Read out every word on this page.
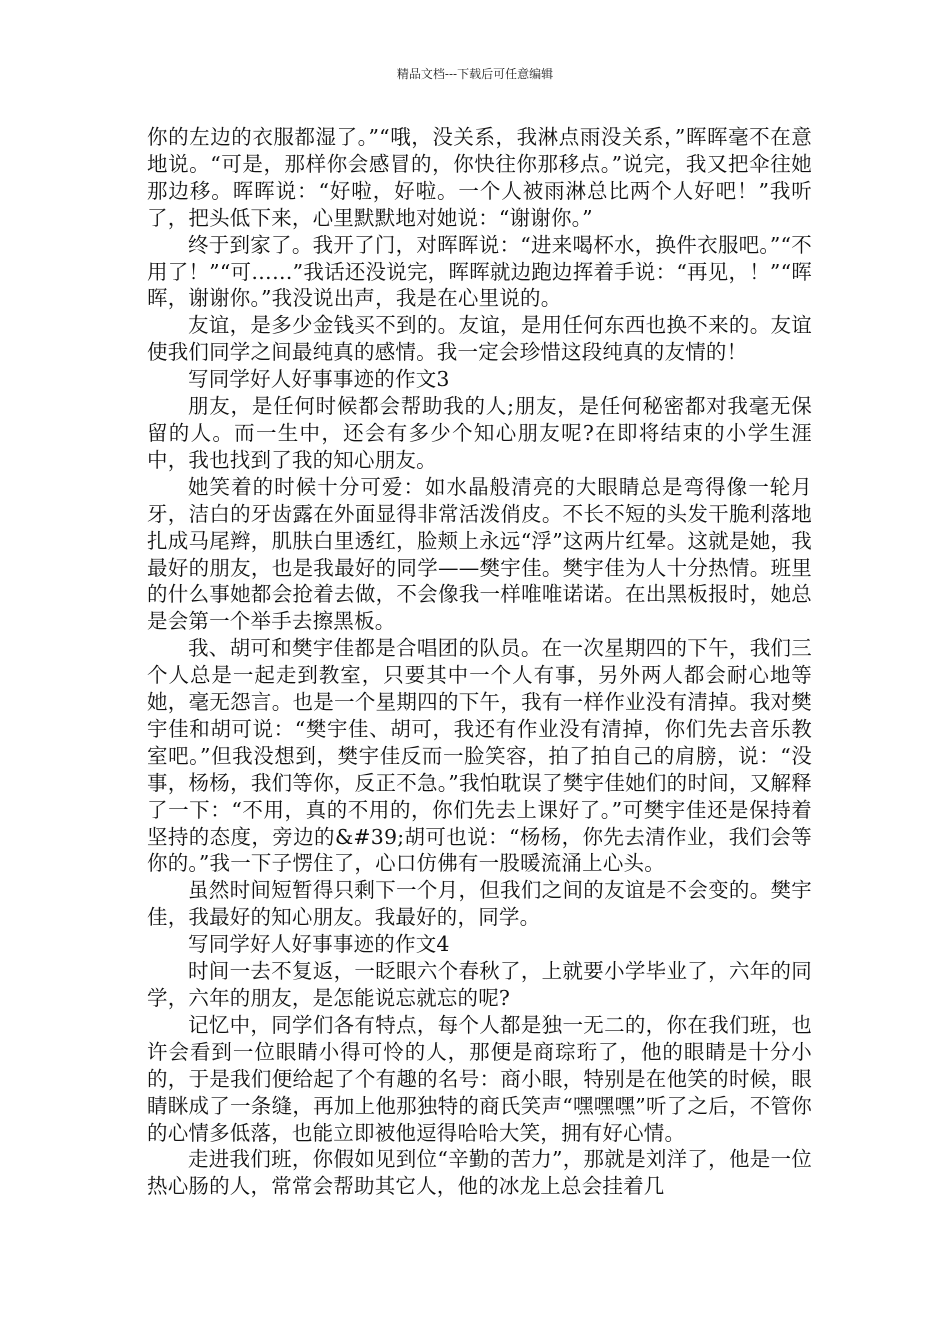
精品文档---下载后可任意编辑

你的左边的衣服都湿了。”“哦，没关系，我淋点雨没关系，”晖晖毫不在意地说。“可是，那样你会感冒的，你快往你那移点。”说完，我又把伞往她那边移。晖晖说：“好啦，好啦。一个人被雨淋总比两个人好吧！”我听了，把头低下来，心里默默地对她说：“谢谢你。”

终于到家了。我开了门，对晖晖说：“进来喝杯水，换件衣服吧。”“不用了！”“可……”我话还没说完，晖晖就边跑边挥着手说：“再见，！”“晖晖，谢谢你。”我没说出声，我是在心里说的。

友谊，是多少金钱买不到的。友谊，是用任何东西也换不来的。友谊使我们同学之间最纯真的感情。我一定会珍惜这段纯真的友情的！

写同学好人好事事迹的作文3

朋友，是任何时候都会帮助我的人;朋友，是任何秘密都对我毫无保留的人。而一生中，还会有多少个知心朋友呢?在即将结束的小学生涯中，我也找到了我的知心朋友。

她笑着的时候十分可爱：如水晶般清亮的大眼睛总是弯得像一轮月牙，洁白的牙齿露在外面显得非常活泼俏皮。不长不短的头发干脆利落地扎成马尾辫，肌肤白里透红，脸颊上永远“浮”这两片红晕。这就是她，我最好的朋友，也是我最好的同学——樊宇佳。樊宇佳为人十分热情。班里的什么事她都会抢着去做，不会像我一样唯唯诺诺。在出黑板报时，她总是会第一个举手去擦黑板。

我、胡可和樊宇佳都是合唱团的队员。在一次星期四的下午，我们三个人总是一起走到教室，只要其中一个人有事，另外两人都会耐心地等她，毫无怨言。也是一个星期四的下午，我有一样作业没有清掉。我对樊宇佳和胡可说：“樊宇佳、胡可，我还有作业没有清掉，你们先去音乐教室吧。”但我没想到，樊宇佳反而一脸笑容，拍了拍自己的肩膀，说：“没事，杨杨，我们等你，反正不急。”我怕耽误了樊宇佳她们的时间，又解释了一下：“不用，真的不用的，你们先去上课好了。”可樊宇佳还是保持着坚持的态度，旁边的&#39;胡可也说：“杨杨，你先去清作业，我们会等你的。”我一下子愣住了，心口仿佛有一股暖流涌上心头。

虽然时间短暂得只剩下一个月，但我们之间的友谊是不会变的。樊宇佳，我最好的知心朋友。我最好的，同学。

写同学好人好事事迹的作文4

时间一去不复返，一眨眼六个春秋了，上就要小学毕业了，六年的同学，六年的朋友，是怎能说忘就忘的呢?

记忆中，同学们各有特点，每个人都是独一无二的，你在我们班，也许会看到一位眼睛小得可怜的人，那便是商琮珩了，他的眼睛是十分小的，于是我们便给起了个有趣的名号：商小眼，特别是在他笑的时候，眼睛眯成了一条缝，再加上他那独特的商氏笑声“嘿嘿嘿”听了之后，不管你的心情多低落，也能立即被他逗得哈哈大笑，拥有好心情。

走进我们班，你假如见到位“辛勤的苦力”，那就是刘洋了，他是一位热心肠的人，常常会帮助其它人，他的冰龙上总会挂着几
